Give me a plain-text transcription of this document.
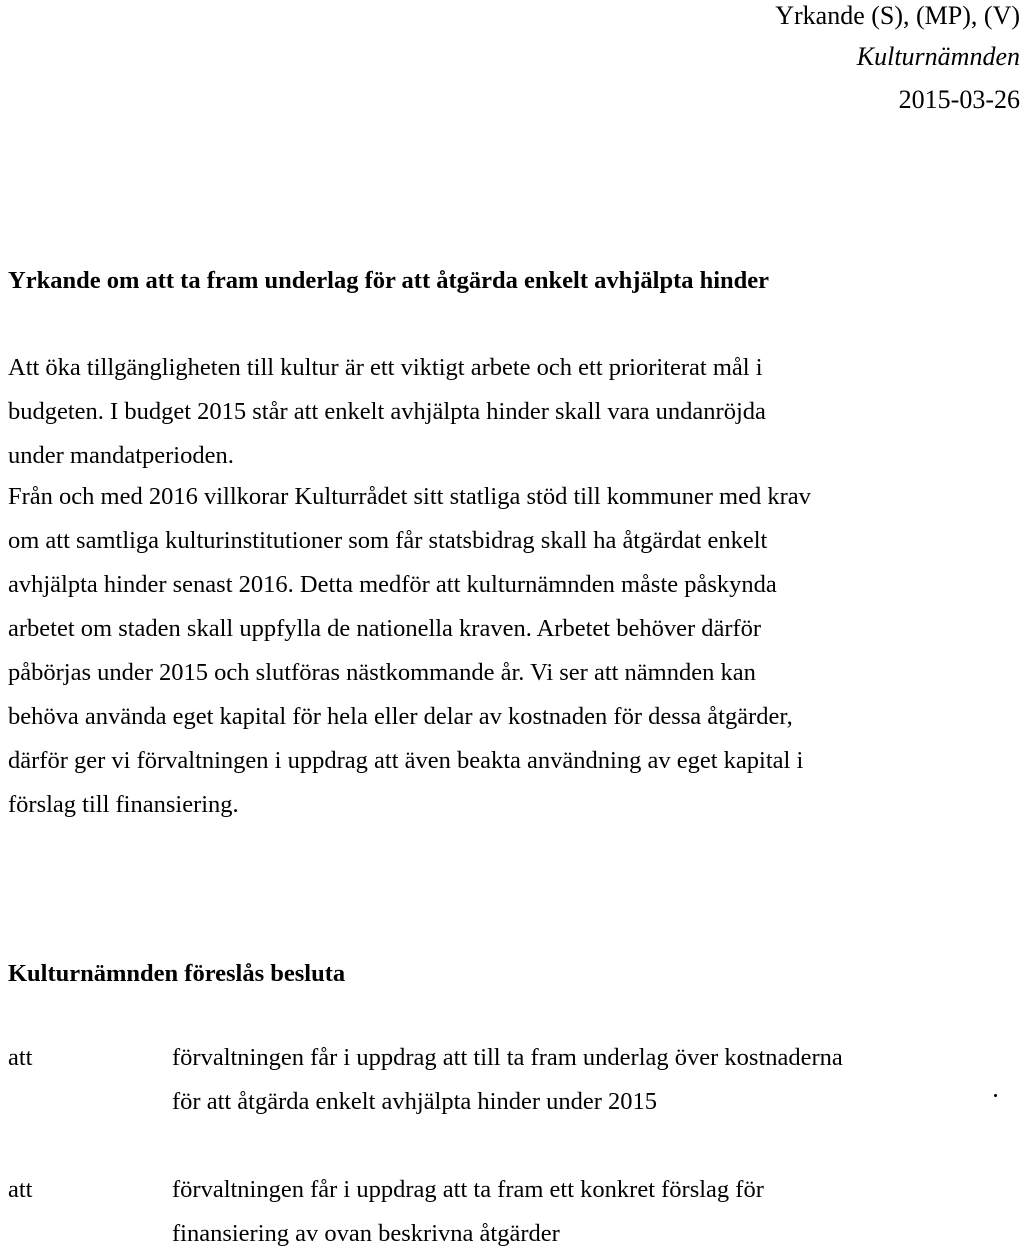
Yrkande (S), (MP), (V)
Kulturnämnden
2015-03-26
Yrkande om att ta fram underlag för att åtgärda enkelt avhjälpta hinder

Att öka tillgängligheten till kultur är ett viktigt arbete och ett prioriterat mål i

budgeten. I budget 2015 står att enkelt avhjälpta hinder skall vara undanröjda

under mandatperioden.

Från och med 2016 villkorar Kulturrådet sitt statliga stöd till kommuner med krav

om att samtliga kulturinstitutioner som får statsbidrag skall ha åtgärdat enkelt

avhjälpta hinder senast 2016. Detta medför att kulturnämnden måste påskynda

arbetet om staden skall uppfylla de nationella kraven. Arbetet behöver därför

påbörjas under 2015 och slutföras nästkommande år. Vi ser att nämnden kan

behöva använda eget kapital för hela eller delar av kostnaden för dessa åtgärder,

därför ger vi förvaltningen i uppdrag att även beakta användning av eget kapital i

förslag till finansiering.

Kulturnämnden föreslås besluta
att	förvaltningen får i uppdrag att till ta fram underlag över kostnaderna

för att åtgärda enkelt avhjälpta hinder under 2015

att	förvaltningen får i uppdrag att ta fram ett konkret förslag för

finansiering av ovan beskrivna åtgärder
